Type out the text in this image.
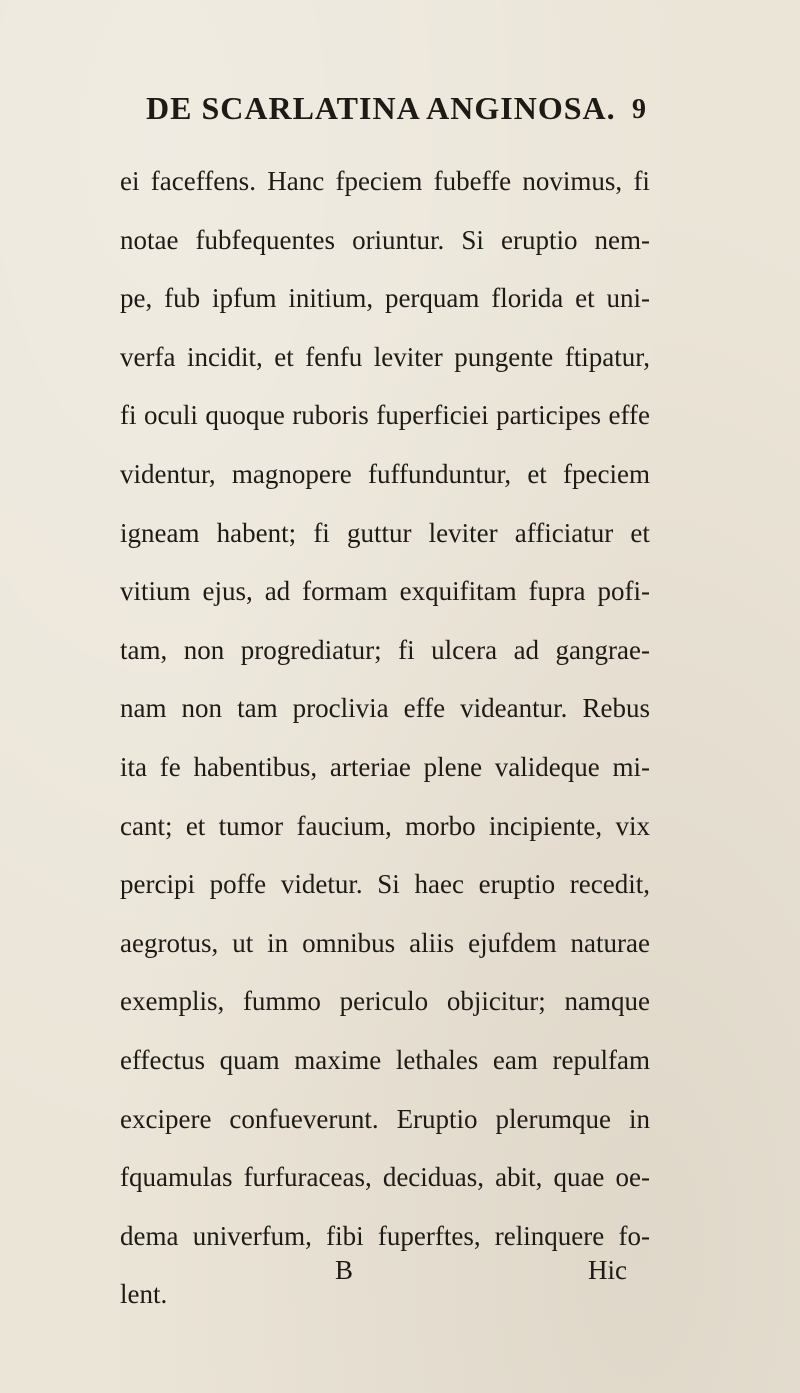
DE SCARLATINA ANGINOSA. 9
ei faceffens. Hanc fpeciem fubeffe novimus, fi
notae fubfequentes oriuntur. Si eruptio nem-
pe, fub ipfum initium, perquam florida et uni-
verfa incidit, et fenfu leviter pungente ftipatur,
fi oculi quoque ruboris fuperficiei participes effe
videntur, magnopere fuffunduntur, et fpeciem
igneam habent; fi guttur leviter afficiatur et
vitium ejus, ad formam exquifitam fupra pofi-
tam, non progrediatur; fi ulcera ad gangrae-
nam non tam proclivia effe videantur. Rebus
ita fe habentibus, arteriae plene valideque mi-
cant; et tumor faucium, morbo incipiente, vix
percipi poffe videtur. Si haec eruptio recedit,
aegrotus, ut in omnibus aliis ejufdem naturae
exemplis, fummo periculo objicitur; namque
effectus quam maxime lethales eam repulfam
excipere confueverunt. Eruptio plerumque in
fquamulas furfuraceas, deciduas, abit, quae oe-
dema univerfum, fibi fuperftes, relinquere fo-
lent.
B	Hic
